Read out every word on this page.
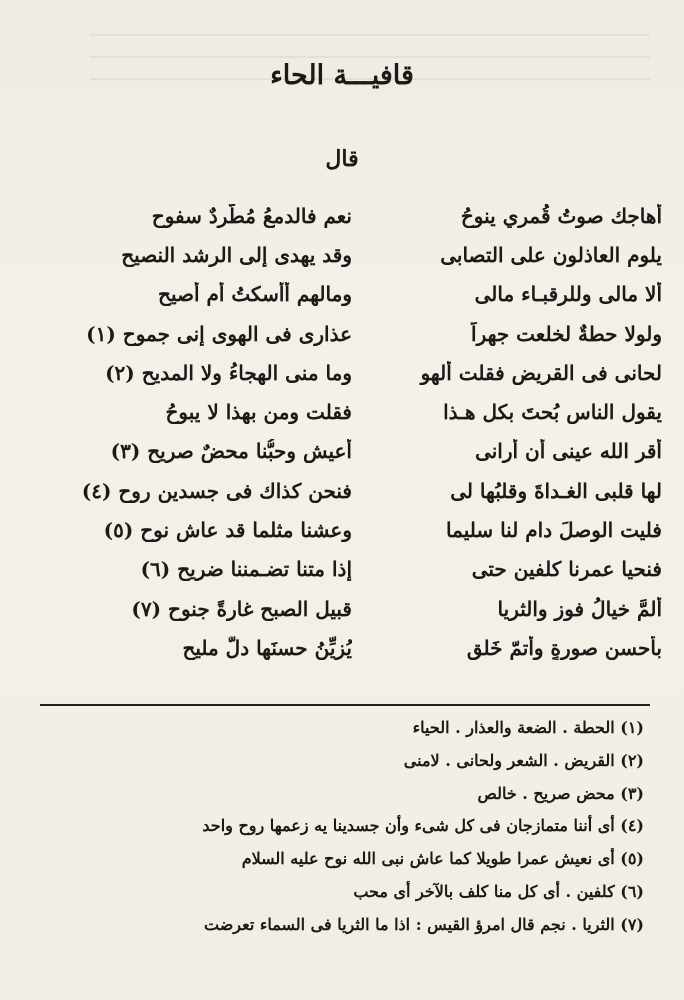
قافيـــة الحاء
قال
أهاجك صوتُ قُمري ينوحُ
نعم فالدمعُ مُطَّردٌ سفوح
يلوم العاذلون على التصابى
وقد يهدى إلى الرشد النصيح
ألا مالى وللرقبـاء مالى
ومالهم أأسكتُ أم أصيح
ولولا حطةٌ لخلعت جهراً
عذارى فى الهوى إنى جموح (١)
لحانى فى القريض فقلت ألهو
وما منى الهجاءُ ولا المديح (٢)
يقول الناس بُحتَ بكل هـذا
فقلت ومن بهذا لا يبوحُ
أقر الله عينى أن أرانى
أعيش وحبُّنا محضٌ صريح (٣)
لها قلبى الغـداةَ وقلبُها لى
فنحن كذاك فى جسدين روح (٤)
فليت الوصلَ دام لنا سليما
وعشنا مثلما قد عاش نوح (٥)
فنحيا عمرنا كلفين حتى
إذا متنا تضـمننا ضريح (٦)
ألمَّ خيالُ فوز والثريا
قبيل الصبح غارةً جنوح (٧)
بأحسن صورةٍ وأتمّ خَلقٍ
يُزيِّنُ حسنَها دلٌّ مليح
(١) الحطة . الضعة والعذار . الحياء
(٢) القريض . الشعر ولحانى . لامنى
(٣) محض صريح . خالص
(٤) أى أننا متمازجان فى كل شىء وأن جسدينا يه زعمها روح واحد
(٥) أى نعيش عمرا طويلا كما عاش نبى الله نوح عليه السلام
(٦) كلفين . أى كل منا كلف بالآخر أى محب
(٧) الثريا . نجم قال امرؤ القيس : اذا ما الثريا فى السماء تعرضت
